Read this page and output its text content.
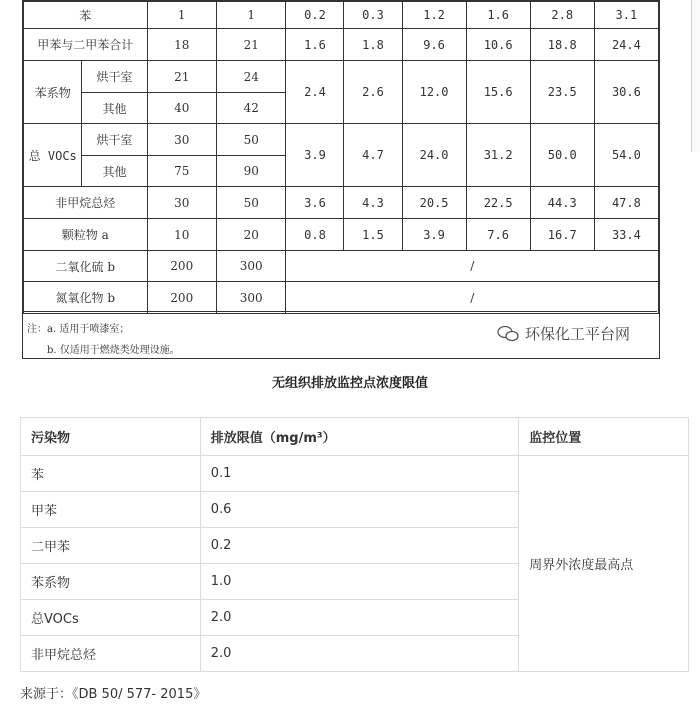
苯		1	1	0.2	0.3	1.2	1.6	2.8	3.1
甲苯与二甲苯合计		18	21	1.6	1.8	9.6	10.6	18.8	24.4
苯系物	烘干室	21	24	2.4	2.6	12.0	15.6	23.5	30.6
	其他	40	42						
总 VOCs	烘干室	30	50	3.9	4.7	24.0	31.2	50.0	54.0
	其他	75	90						
非甲烷总烃		30	50	3.6	4.3	20.5	22.5	44.3	47.8
颗粒物 a		10	20	0.8	1.5	3.9	7.6	16.7	33.4
二氧化硫 b		200	300	/					
氮氧化物 b		200	300	/					
注：a. 适用于喷漆室；
b. 仅适用于燃烧类处理设施。
环保化工平台网
无组织排放监控点浓度限值
污染物	排放限值（mg/m³）	监控位置
苯	0.1	周界外浓度最高点
甲苯	0.6	
二甲苯	0.2	
苯系物	1.0	
总VOCs	2.0	
非甲烷总烃	2.0	
来源于：《DB 50/ 577- 2015》
